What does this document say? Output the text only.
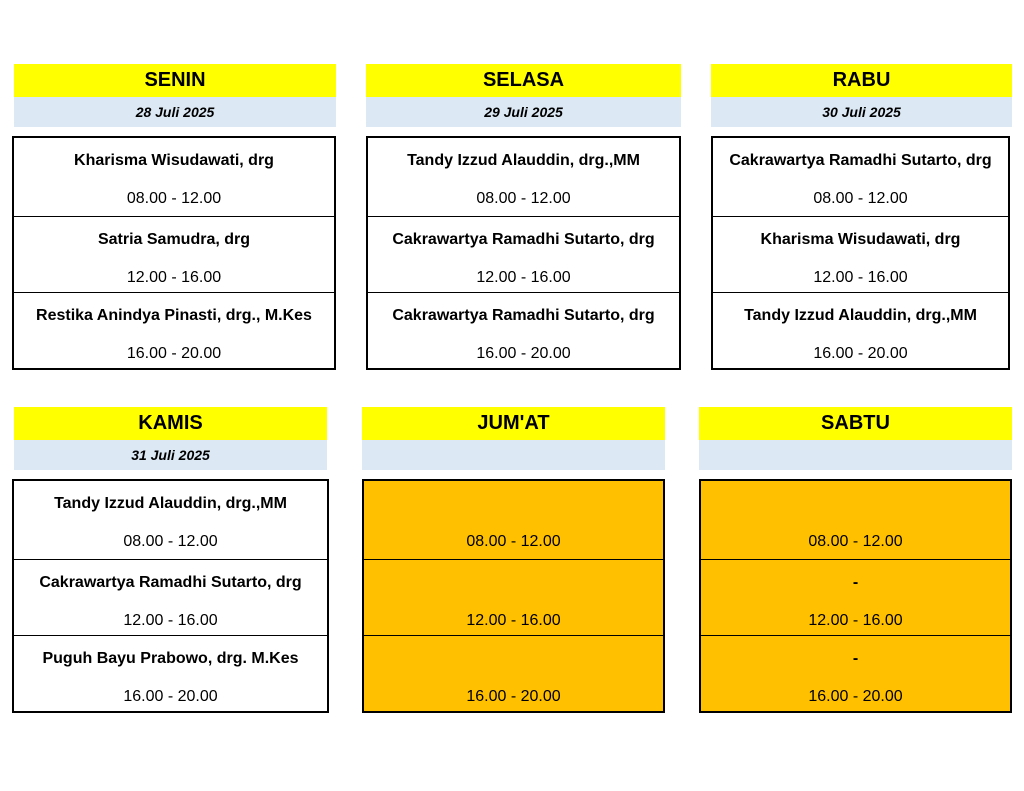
SENIN
28 Juli 2025
Kharisma Wisudawati, drg
08.00 - 12.00
Satria Samudra, drg
12.00 - 16.00
Restika Anindya Pinasti, drg., M.Kes
16.00 - 20.00
SELASA
29 Juli 2025
Tandy Izzud Alauddin, drg.,MM
08.00 - 12.00
Cakrawartya Ramadhi Sutarto, drg
12.00 - 16.00
Cakrawartya Ramadhi Sutarto, drg
16.00 - 20.00
RABU
30 Juli 2025
Cakrawartya Ramadhi Sutarto, drg
08.00 - 12.00
Kharisma Wisudawati, drg
12.00 - 16.00
Tandy Izzud Alauddin, drg.,MM
16.00 - 20.00
KAMIS
31 Juli 2025
Tandy Izzud Alauddin, drg.,MM
08.00 - 12.00
Cakrawartya Ramadhi Sutarto, drg
12.00 - 16.00
Puguh Bayu Prabowo, drg. M.Kes
16.00 - 20.00
JUM'AT
08.00 - 12.00
12.00 - 16.00
16.00 - 20.00
SABTU
08.00 - 12.00
-
12.00 - 16.00
-
16.00 - 20.00
